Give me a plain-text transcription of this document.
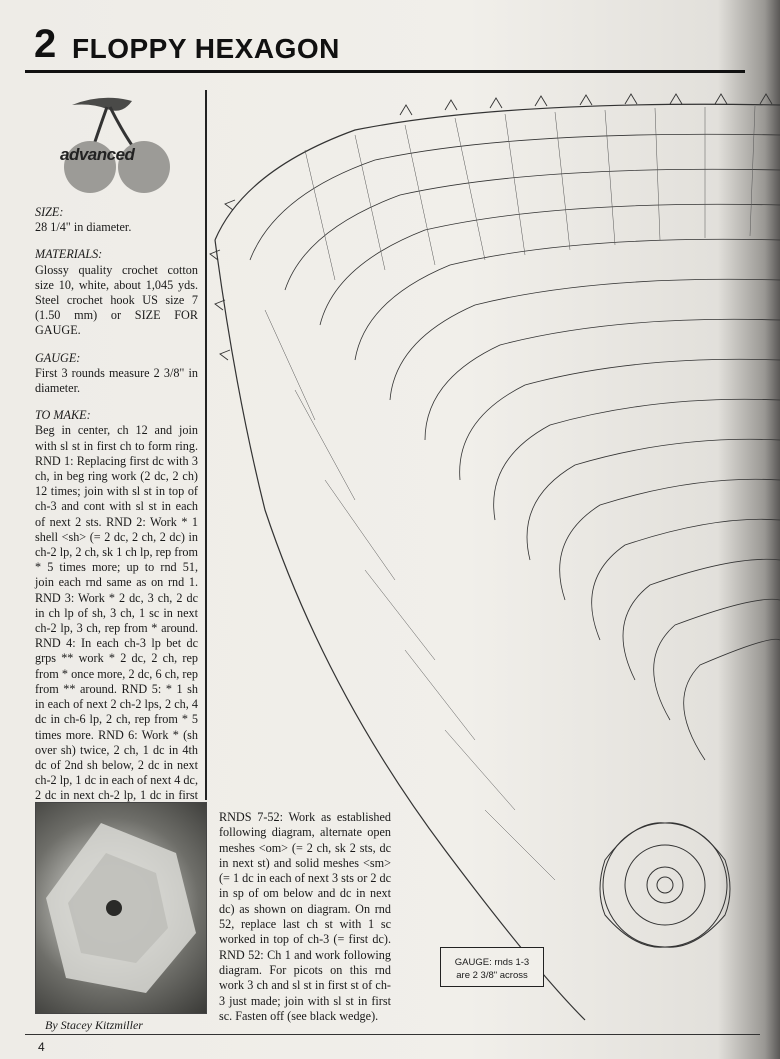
2 FLOPPY HEXAGON
advanced

SIZE:
28 1/4" in diameter.

MATERIALS:
Glossy quality crochet cotton size 10, white, about 1,045 yds. Steel crochet hook US size 7 (1.50 mm) or SIZE FOR GAUGE.

GAUGE:
First 3 rounds measure 2 3/8" in diameter.

TO MAKE:
Beg in center, ch 12 and join with sl st in first ch to form ring. RND 1: Replacing first dc with 3 ch, in beg ring work (2 dc, 2 ch) 12 times; join with sl st in top of ch-3 and cont with sl st in each of next 2 sts. RND 2: Work * 1 shell <sh> (= 2 dc, 2 ch, 2 dc) in ch-2 lp, 2 ch, sk 1 ch lp, rep from * 5 times more; up to rnd 51, join each rnd same as on rnd 1. RND 3: Work * 2 dc, 3 ch, 2 dc in ch lp of sh, 3 ch, 1 sc in next ch-2 lp, 3 ch, rep from * around. RND 4: In each ch-3 lp bet dc grps ** work * 2 dc, 2 ch, rep from * once more, 2 dc, 6 ch, rep from ** around. RND 5: * 1 sh in each of next 2 ch-2 lps, 2 ch, 4 dc in ch-6 lp, 2 ch, rep from * 5 times more. RND 6: Work * (sh over sh) twice, 2 ch, 1 dc in 4th dc of 2nd sh below, 2 dc in next ch-2 lp, 1 dc in each of next 4 dc, 2 dc in next ch-2 lp, 1 dc in first

By Stacey Kitzmiller
RNDS 7-52: Work as established following diagram, alternate open meshes <om> (= 2 ch, sk 2 sts, dc in next st) and solid meshes <sm> (= 1 dc in each of next 3 sts or 2 dc in sp of om below and dc in next dc) as shown on diagram. On rnd 52, replace last ch st with 1 sc worked in top of ch-3 (= first dc). RND 52: Ch 1 and work following diagram. For picots on this rnd work 3 ch and sl st in first st of ch-3 just made; join with sl st in first sc. Fasten off (see black wedge).
GAUGE: rnds 1-3
are 2 3/8" across
4
